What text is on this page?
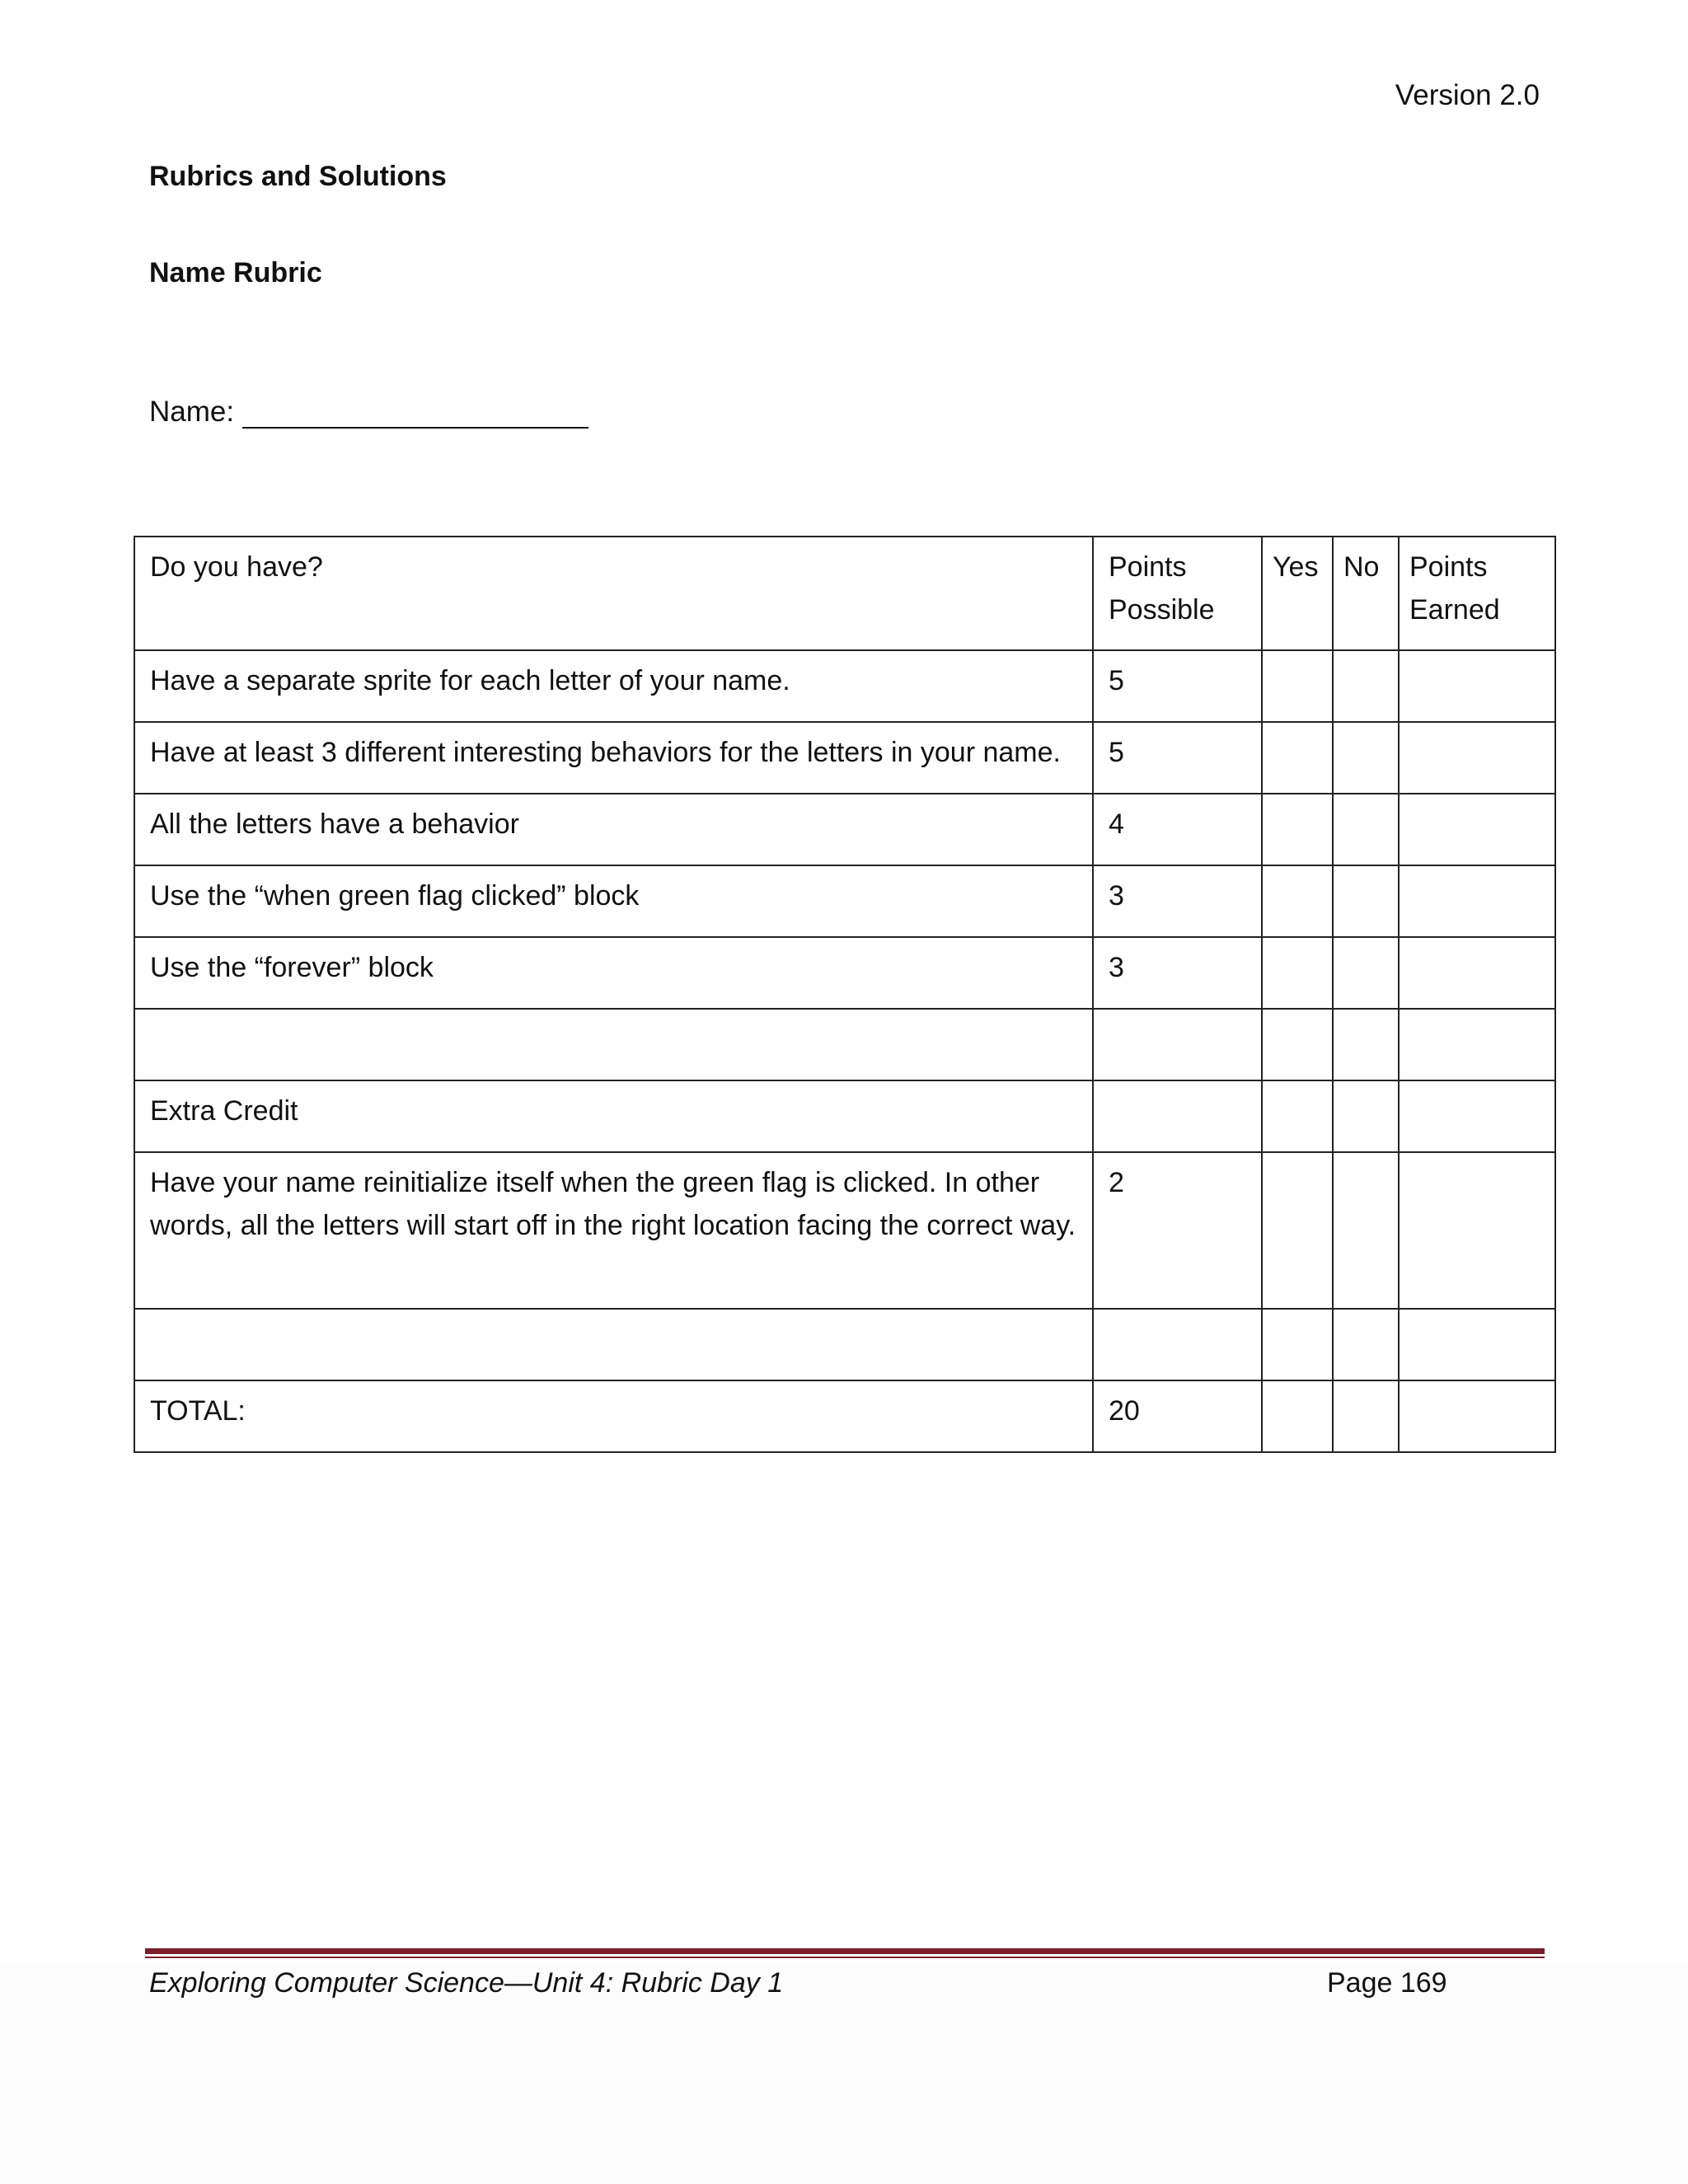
Version 2.0
Rubrics and Solutions
Name Rubric
Name:
Do you have?	Points Possible	Yes	No	Points Earned
Have a separate sprite for each letter of your name.	5			
Have at least 3 different interesting behaviors for the letters in your name.	5			
All the letters have a behavior	4			
Use the “when green flag clicked” block	3			
Use the “forever” block	3			

Extra Credit				
Have your name reinitialize itself when the green flag is clicked. In other words, all the letters will start off in the right location facing the correct way.	2			

TOTAL:	20			
Exploring Computer Science—Unit 4: Rubric Day 1	Page 169
